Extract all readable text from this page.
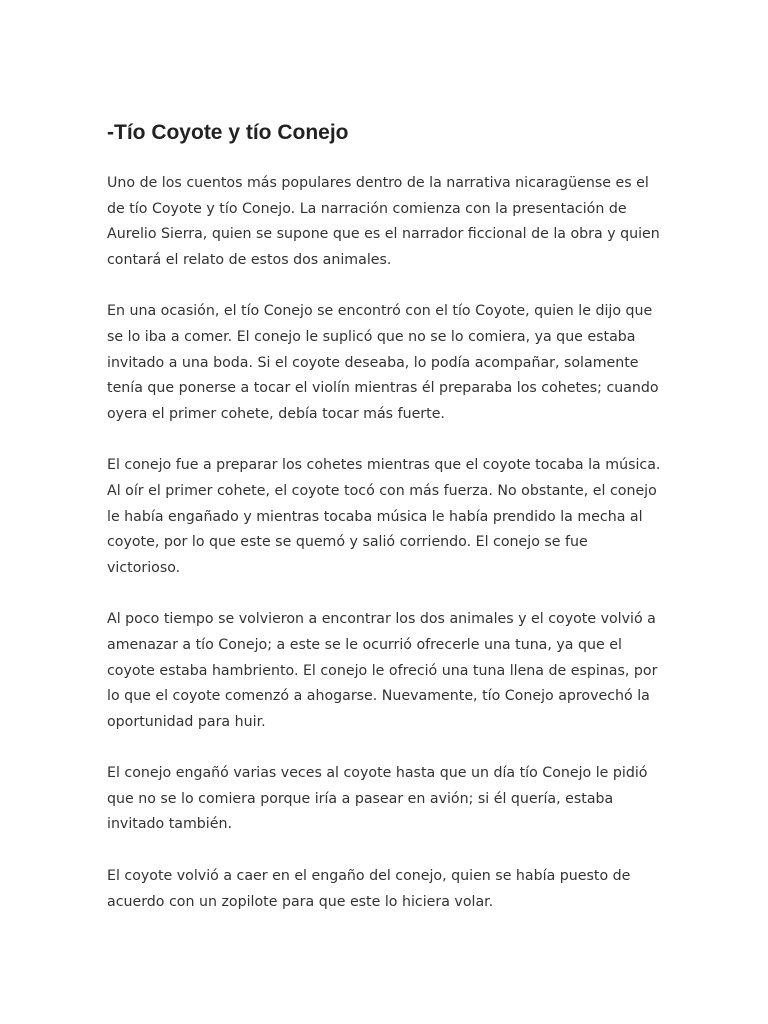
-Tío Coyote y tío Conejo

Uno de los cuentos más populares dentro de la narrativa nicaragüense es el de tío Coyote y tío Conejo. La narración comienza con la presentación de Aurelio Sierra, quien se supone que es el narrador ficcional de la obra y quien contará el relato de estos dos animales.

En una ocasión, el tío Conejo se encontró con el tío Coyote, quien le dijo que se lo iba a comer. El conejo le suplicó que no se lo comiera, ya que estaba invitado a una boda. Si el coyote deseaba, lo podía acompañar, solamente tenía que ponerse a tocar el violín mientras él preparaba los cohetes; cuando oyera el primer cohete, debía tocar más fuerte.

El conejo fue a preparar los cohetes mientras que el coyote tocaba la música. Al oír el primer cohete, el coyote tocó con más fuerza. No obstante, el conejo le había engañado y mientras tocaba música le había prendido la mecha al coyote, por lo que este se quemó y salió corriendo. El conejo se fue victorioso.

Al poco tiempo se volvieron a encontrar los dos animales y el coyote volvió a amenazar a tío Conejo; a este se le ocurrió ofrecerle una tuna, ya que el coyote estaba hambriento. El conejo le ofreció una tuna llena de espinas, por lo que el coyote comenzó a ahogarse. Nuevamente, tío Conejo aprovechó la oportunidad para huir.

El conejo engañó varias veces al coyote hasta que un día tío Conejo le pidió que no se lo comiera porque iría a pasear en avión; si él quería, estaba invitado también.

El coyote volvió a caer en el engaño del conejo, quien se había puesto de acuerdo con un zopilote para que este lo hiciera volar.
